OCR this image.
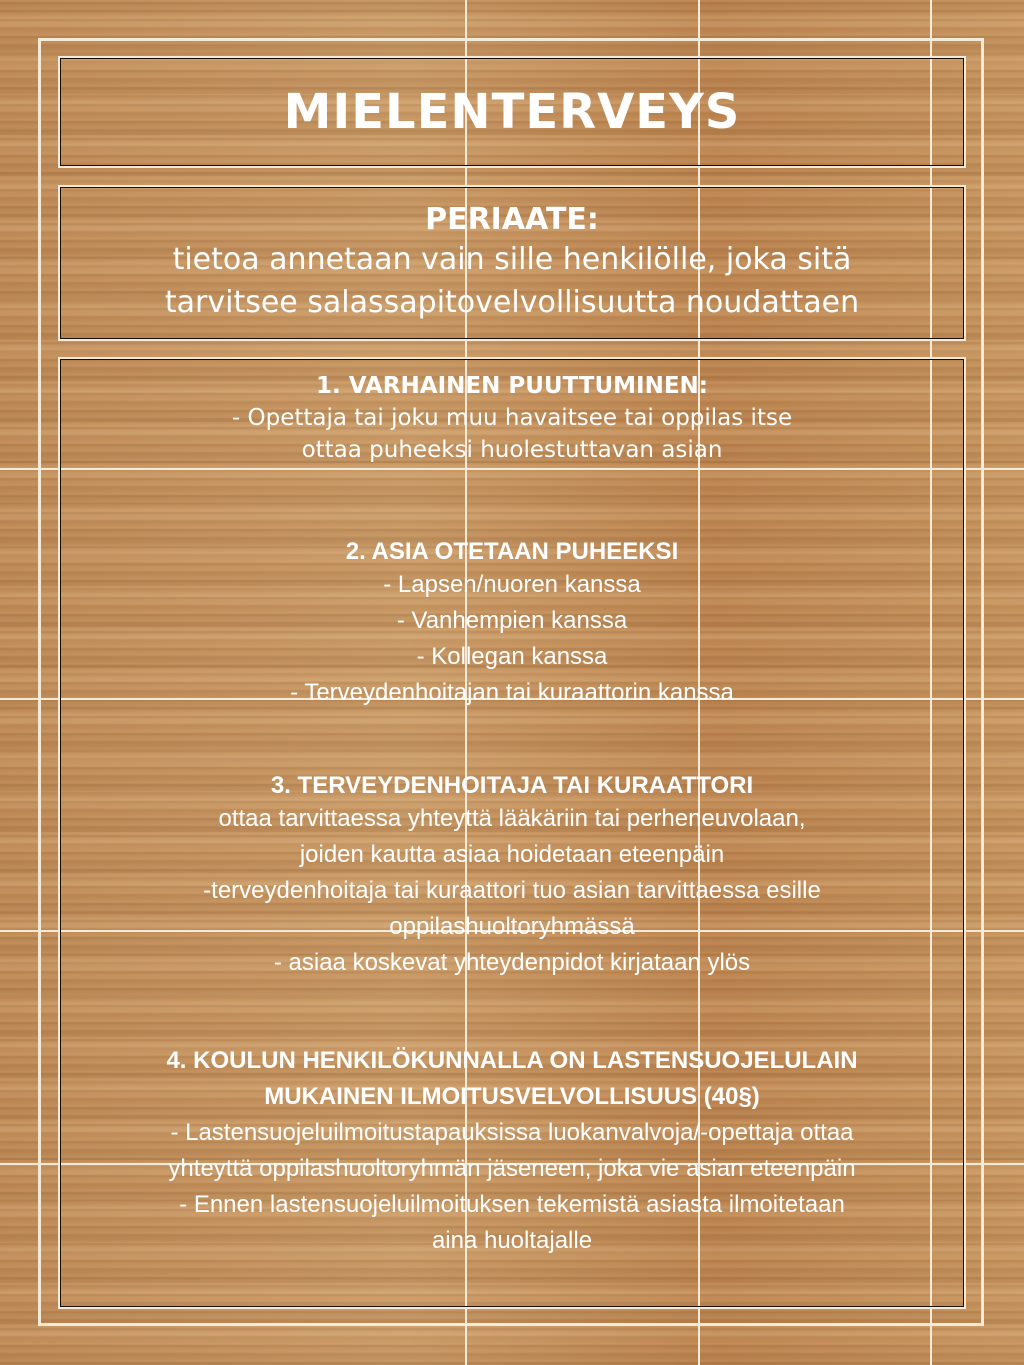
MIELENTERVEYS
PERIAATE:
tietoa annetaan vain sille henkilölle, joka sitä
tarvitsee salassapitovelvollisuutta noudattaen
1. VARHAINEN PUUTTUMINEN:
- Opettaja tai joku muu havaitsee tai oppilas itse
ottaa puheeksi huolestuttavan asian
2. ASIA OTETAAN PUHEEKSI
- Lapsen/nuoren kanssa
- Vanhempien kanssa
- Kollegan kanssa
- Terveydenhoitajan tai kuraattorin kanssa
3. TERVEYDENHOITAJA TAI KURAATTORI
ottaa tarvittaessa yhteyttä lääkäriin tai perheneuvolaan,
joiden kautta asiaa hoidetaan eteenpäin
-terveydenhoitaja tai kuraattori tuo asian tarvittaessa esille
oppilashuoltoryhmässä
- asiaa koskevat yhteydenpidot kirjataan ylös
4. KOULUN HENKILÖKUNNALLA ON LASTENSUOJELULAIN
MUKAINEN ILMOITUSVELVOLLISUUS (40§)
- Lastensuojeluilmoitustapauksissa luokanvalvoja/-opettaja ottaa
yhteyttä oppilashuoltoryhmän jäseneen, joka vie asian eteenpäin
- Ennen lastensuojeluilmoituksen tekemistä asiasta ilmoitetaan
aina huoltajalle
